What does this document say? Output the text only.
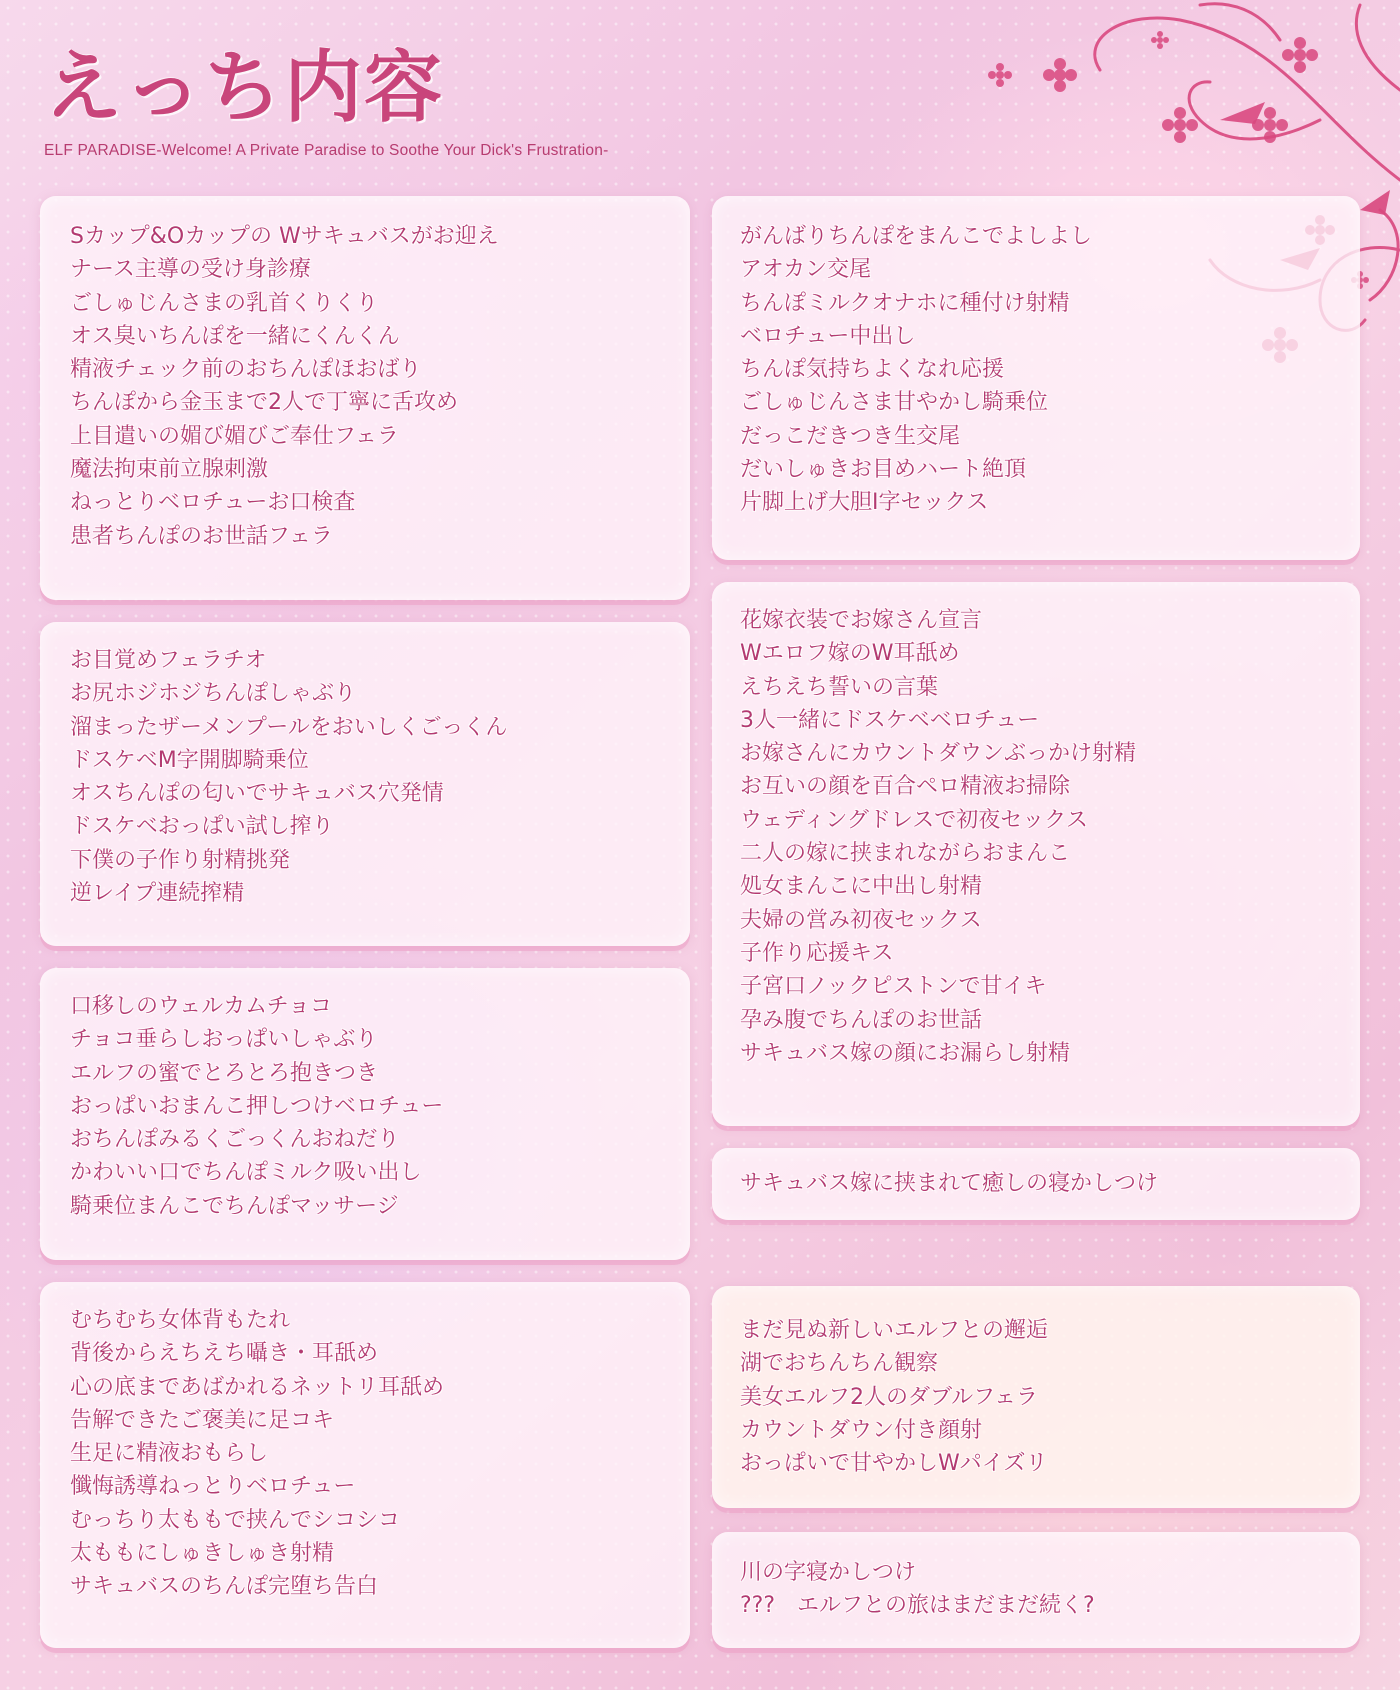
えっち内容
ELF PARADISE-Welcome! A Private Paradise to Soothe Your Dick's Frustration-
Sカップ&Oカップの Wサキュバスがお迎え
ナース主導の受け身診療
ごしゅじんさまの乳首くりくり
オス臭いちんぽを一緒にくんくん
精液チェック前のおちんぽほおばり
ちんぽから金玉まで2人で丁寧に舌攻め
上目遣いの媚び媚びご奉仕フェラ
魔法拘束前立腺刺激
ねっとりベロチューお口検査
患者ちんぽのお世話フェラ
お目覚めフェラチオ
お尻ホジホジちんぽしゃぶり
溜まったザーメンプールをおいしくごっくん
ドスケベM字開脚騎乗位
オスちんぽの匂いでサキュバス穴発情
ドスケベおっぱい試し搾り
下僕の子作り射精挑発
逆レイプ連続搾精
口移しのウェルカムチョコ
チョコ垂らしおっぱいしゃぶり
エルフの蜜でとろとろ抱きつき
おっぱいおまんこ押しつけベロチュー
おちんぽみるくごっくんおねだり
かわいい口でちんぽミルク吸い出し
騎乗位まんこでちんぽマッサージ
むちむち女体背もたれ
背後からえちえち囁き・耳舐め
心の底まであばかれるネットリ耳舐め
告解できたご褒美に足コキ
生足に精液おもらし
懺悔誘導ねっとりベロチュー
むっちり太ももで挟んでシコシコ
太ももにしゅきしゅき射精
サキュバスのちんぽ完堕ち告白
がんばりちんぽをまんこでよしよし
アオカン交尾
ちんぽミルクオナホに種付け射精
ベロチュー中出し
ちんぽ気持ちよくなれ応援
ごしゅじんさま甘やかし騎乗位
だっこだきつき生交尾
だいしゅきお目めハート絶頂
片脚上げ大胆I字セックス
花嫁衣装でお嫁さん宣言
Wエロフ嫁のW耳舐め
えちえち誓いの言葉
3人一緒にドスケベベロチュー
お嫁さんにカウントダウンぶっかけ射精
お互いの顔を百合ペロ精液お掃除
ウェディングドレスで初夜セックス
二人の嫁に挟まれながらおまんこ
処女まんこに中出し射精
夫婦の営み初夜セックス
子作り応援キス
子宮口ノックピストンで甘イキ
孕み腹でちんぽのお世話
サキュバス嫁の顔にお漏らし射精
サキュバス嫁に挟まれて癒しの寝かしつけ
まだ見ぬ新しいエルフとの邂逅
湖でおちんちん観察
美女エルフ2人のダブルフェラ
カウントダウン付き顔射
おっぱいで甘やかしWパイズリ
川の字寝かしつけ
???　エルフとの旅はまだまだ続く?
